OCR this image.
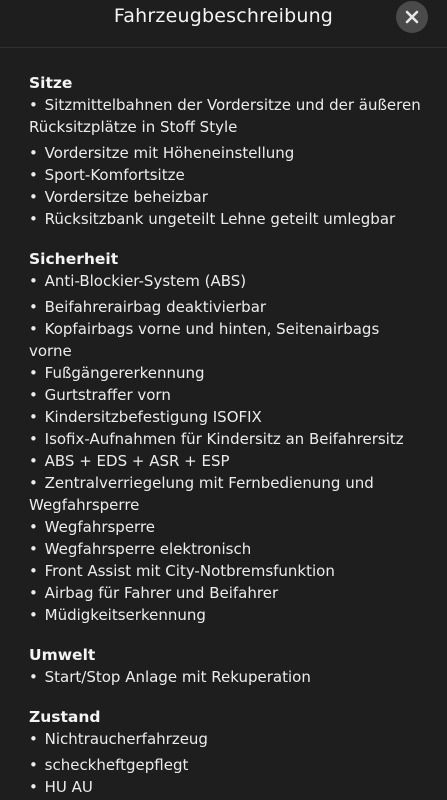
Fahrzeugbeschreibung
Sitze
• Sitzmittelbahnen der Vordersitze und der äußeren
Rücksitzplätze in Stoff Style
• Vordersitze mit Höheneinstellung
• Sport-Komfortsitze
• Vordersitze beheizbar
• Rücksitzbank ungeteilt Lehne geteilt umlegbar
Sicherheit
• Anti-Blockier-System (ABS)
• Beifahrerairbag deaktivierbar
• Kopfairbags vorne und hinten, Seitenairbags
vorne
• Fußgängererkennung
• Gurtstraffer vorn
• Kindersitzbefestigung ISOFIX
• Isofix-Aufnahmen für Kindersitz an Beifahrersitz
• ABS + EDS + ASR + ESP
• Zentralverriegelung mit Fernbedienung und
Wegfahrsperre
• Wegfahrsperre
• Wegfahrsperre elektronisch
• Front Assist mit City-Notbremsfunktion
• Airbag für Fahrer und Beifahrer
• Müdigkeitserkennung
Umwelt
• Start/Stop Anlage mit Rekuperation
Zustand
• Nichtraucherfahrzeug
• scheckheftgepflegt
• HU AU
